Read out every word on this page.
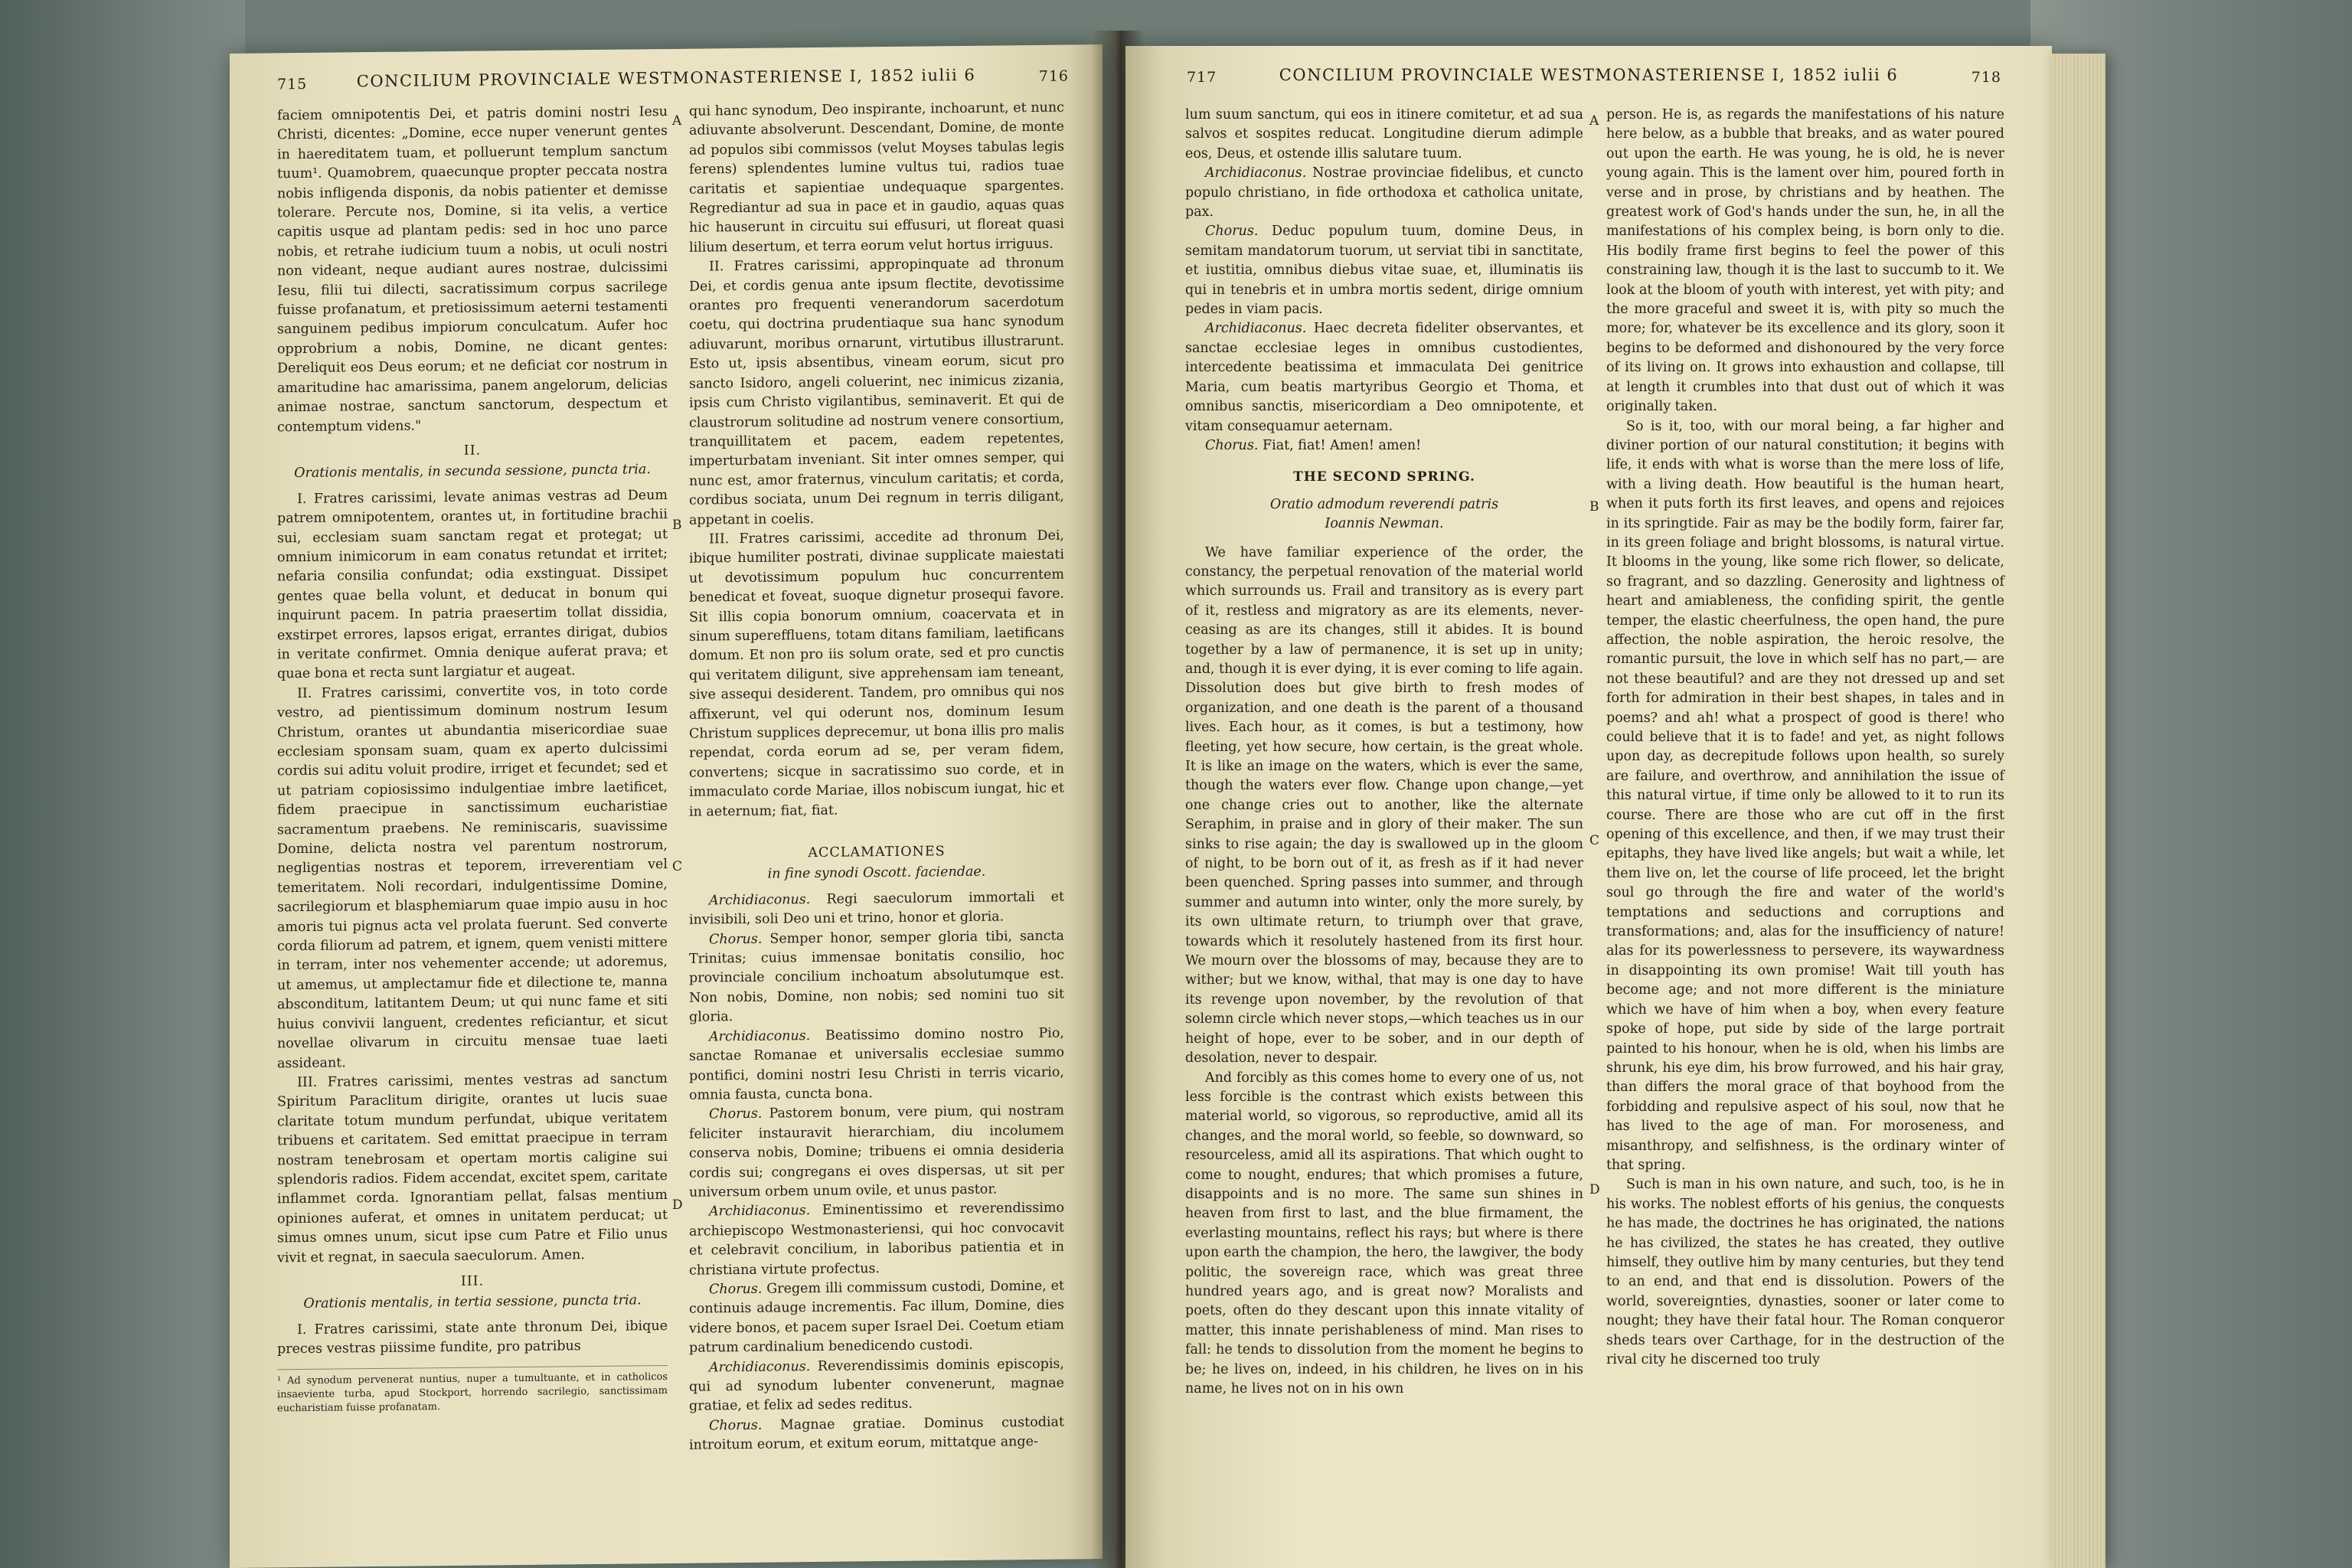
715	CONCILIUM PROVINCIALE WESTMONASTERIENSE I, 1852 iulii 6	716

faciem omnipotentis Dei, et patris domini nostri Iesu Christi, dicentes: „Domine, ecce nuper venerunt gentes in haereditatem tuam, et polluerunt templum sanctum tuum¹. Quamobrem, quaecunque propter peccata nostra nobis infligenda disponis, da nobis patienter et demisse tolerare. Percute nos, Domine, si ita velis, a vertice capitis usque ad plantam pedis: sed in hoc uno parce nobis, et retrahe iudicium tuum a nobis, ut oculi nostri non videant, neque audiant aures nostrae, dulcissimi Iesu, filii tui dilecti, sacratissimum corpus sacrilege fuisse profanatum, et pretiosissimum aeterni testamenti sanguinem pedibus impiorum conculcatum. Aufer hoc opprobrium a nobis, Domine, ne dicant gentes: Dereliquit eos Deus eorum; et ne deficiat cor nostrum in amaritudine hac amarissima, panem angelorum, delicias animae nostrae, sanctum sanctorum, despectum et contemptum videns."

II.

Orationis mentalis, in secunda sessione, puncta tria.

I. Fratres carissimi, levate animas vestras ad Deum patrem omnipotentem, orantes ut, in fortitudine brachii sui, ecclesiam suam sanctam regat et protegat; ut omnium inimicorum in eam conatus retundat et irritet; nefaria consilia confundat; odia exstinguat. Dissipet gentes quae bella volunt, et deducat in bonum qui inquirunt pacem. In patria praesertim tollat dissidia, exstirpet errores, lapsos erigat, errantes dirigat, dubios in veritate confirmet. Omnia denique auferat prava; et quae bona et recta sunt largiatur et augeat.

II. Fratres carissimi, convertite vos, in toto corde vestro, ad pientissimum dominum nostrum Iesum Christum, orantes ut abundantia misericordiae suae ecclesiam sponsam suam, quam ex aperto dulcissimi cordis sui aditu voluit prodire, irriget et fecundet; sed et ut patriam copiosissimo indulgentiae imbre laetificet, fidem praecipue in sanctissimum eucharistiae sacramentum praebens. Ne reminiscaris, suavissime Domine, delicta nostra vel parentum nostrorum, negligentias nostras et teporem, irreverentiam vel temeritatem. Noli recordari, indulgentissime Domine, sacrilegiorum et blasphemiarum quae impio ausu in hoc amoris tui pignus acta vel prolata fuerunt. Sed converte corda filiorum ad patrem, et ignem, quem venisti mittere in terram, inter nos vehementer accende; ut adoremus, ut amemus, ut amplectamur fide et dilectione te, manna absconditum, latitantem Deum; ut qui nunc fame et siti huius convivii languent, credentes reficiantur, et sicut novellae olivarum in circuitu mensae tuae laeti assideant.

III. Fratres carissimi, mentes vestras ad sanctum Spiritum Paraclitum dirigite, orantes ut lucis suae claritate totum mundum perfundat, ubique veritatem tribuens et caritatem. Sed emittat praecipue in terram nostram tenebrosam et opertam mortis caligine sui splendoris radios. Fidem accendat, excitet spem, caritate inflammet corda. Ignorantiam pellat, falsas mentium opiniones auferat, et omnes in unitatem perducat; ut simus omnes unum, sicut ipse cum Patre et Filio unus vivit et regnat, in saecula saeculorum. Amen.

III.

Orationis mentalis, in tertia sessione, puncta tria.

I. Fratres carissimi, state ante thronum Dei, ibique preces vestras piissime fundite, pro patribus

¹ Ad synodum pervenerat nuntius, nuper a tumultuante, et in catholicos insaeviente turba, apud Stockport, horrendo sacrilegio, sanctissimam eucharistiam fuisse profanatam.

A
B
C
D

qui hanc synodum, Deo inspirante, inchoarunt, et nunc adiuvante absolverunt. Descendant, Domine, de monte ad populos sibi commissos (velut Moyses tabulas legis ferens) splendentes lumine vultus tui, radios tuae caritatis et sapientiae undequaque spargentes. Regrediantur ad sua in pace et in gaudio, aquas quas hic hauserunt in circuitu sui effusuri, ut floreat quasi lilium desertum, et terra eorum velut hortus irriguus.

II. Fratres carissimi, appropinquate ad thronum Dei, et cordis genua ante ipsum flectite, devotissime orantes pro frequenti venerandorum sacerdotum coetu, qui doctrina prudentiaque sua hanc synodum adiuvarunt, moribus ornarunt, virtutibus illustrarunt. Esto ut, ipsis absentibus, vineam eorum, sicut pro sancto Isidoro, angeli coluerint, nec inimicus zizania, ipsis cum Christo vigilantibus, seminaverit. Et qui de claustrorum solitudine ad nostrum venere consortium, tranquillitatem et pacem, eadem repetentes, imperturbatam inveniant. Sit inter omnes semper, qui nunc est, amor fraternus, vinculum caritatis; et corda, cordibus sociata, unum Dei regnum in terris diligant, appetant in coelis.

III. Fratres carissimi, accedite ad thronum Dei, ibique humiliter postrati, divinae supplicate maiestati ut devotissimum populum huc concurrentem benedicat et foveat, suoque dignetur prosequi favore. Sit illis copia bonorum omnium, coacervata et in sinum supereffluens, totam ditans familiam, laetificans domum. Et non pro iis solum orate, sed et pro cunctis qui veritatem diligunt, sive apprehensam iam teneant, sive assequi desiderent. Tandem, pro omnibus qui nos affixerunt, vel qui oderunt nos, dominum Iesum Christum supplices deprecemur, ut bona illis pro malis rependat, corda eorum ad se, per veram fidem, convertens; sicque in sacratissimo suo corde, et in immaculato corde Mariae, illos nobiscum iungat, hic et in aeternum; fiat, fiat.

ACCLAMATIONES

in fine synodi Oscott. faciendae.

Archidiaconus. Regi saeculorum immortali et invisibili, soli Deo uni et trino, honor et gloria.

Chorus. Semper honor, semper gloria tibi, sancta Trinitas; cuius immensae bonitatis consilio, hoc provinciale concilium inchoatum absolutumque est. Non nobis, Domine, non nobis; sed nomini tuo sit gloria.

Archidiaconus. Beatissimo domino nostro Pio, sanctae Romanae et universalis ecclesiae summo pontifici, domini nostri Iesu Christi in terris vicario, omnia fausta, cuncta bona.

Chorus. Pastorem bonum, vere pium, qui nostram feliciter instauravit hierarchiam, diu incolumem conserva nobis, Domine; tribuens ei omnia desideria cordis sui; congregans ei oves dispersas, ut sit per universum orbem unum ovile, et unus pastor.

Archidiaconus. Eminentissimo et reverendissimo archiepiscopo Westmonasteriensi, qui hoc convocavit et celebravit concilium, in laboribus patientia et in christiana virtute profectus.

Chorus. Gregem illi commissum custodi, Domine, et continuis adauge incrementis. Fac illum, Domine, dies videre bonos, et pacem super Israel Dei. Coetum etiam patrum cardinalium benedicendo custodi.

Archidiaconus. Reverendissimis dominis episcopis, qui ad synodum lubenter convenerunt, magnae gratiae, et felix ad sedes reditus.

Chorus. Magnae gratiae. Dominus custodiat introitum eorum, et exitum eorum, mittatque ange-

717	CONCILIUM PROVINCIALE WESTMONASTERIENSE I, 1852 iulii 6	718

lum suum sanctum, qui eos in itinere comitetur, et ad sua salvos et sospites reducat. Longitudine dierum adimple eos, Deus, et ostende illis salutare tuum.

Archidiaconus. Nostrae provinciae fidelibus, et cuncto populo christiano, in fide orthodoxa et catholica unitate, pax.

Chorus. Deduc populum tuum, domine Deus, in semitam mandatorum tuorum, ut serviat tibi in sanctitate, et iustitia, omnibus diebus vitae suae, et, illuminatis iis qui in tenebris et in umbra mortis sedent, dirige omnium pedes in viam pacis.

Archidiaconus. Haec decreta fideliter observantes, et sanctae ecclesiae leges in omnibus custodientes, intercedente beatissima et immaculata Dei genitrice Maria, cum beatis martyribus Georgio et Thoma, et omnibus sanctis, misericordiam a Deo omnipotente, et vitam consequamur aeternam.

Chorus. Fiat, fiat! Amen! amen!

THE SECOND SPRING.

Oratio admodum reverendi patris

Ioannis Newman.

We have familiar experience of the order, the constancy, the perpetual renovation of the material world which surrounds us. Frail and transitory as is every part of it, restless and migratory as are its elements, never-ceasing as are its changes, still it abides. It is bound together by a law of permanence, it is set up in unity; and, though it is ever dying, it is ever coming to life again. Dissolution does but give birth to fresh modes of organization, and one death is the parent of a thousand lives. Each hour, as it comes, is but a testimony, how fleeting, yet how secure, how certain, is the great whole. It is like an image on the waters, which is ever the same, though the waters ever flow. Change upon change,—yet one change cries out to another, like the alternate Seraphim, in praise and in glory of their maker. The sun sinks to rise again; the day is swallowed up in the gloom of night, to be born out of it, as fresh as if it had never been quenched. Spring passes into summer, and through summer and autumn into winter, only the more surely, by its own ultimate return, to triumph over that grave, towards which it resolutely hastened from its first hour. We mourn over the blossoms of may, because they are to wither; but we know, withal, that may is one day to have its revenge upon november, by the revolution of that solemn circle which never stops,—which teaches us in our height of hope, ever to be sober, and in our depth of desolation, never to despair.

And forcibly as this comes home to every one of us, not less forcible is the contrast which exists between this material world, so vigorous, so reproductive, amid all its changes, and the moral world, so feeble, so downward, so resourceless, amid all its aspirations. That which ought to come to nought, endures; that which promises a future, disappoints and is no more. The same sun shines in heaven from first to last, and the blue firmament, the everlasting mountains, reflect his rays; but where is there upon earth the champion, the hero, the lawgiver, the body politic, the sovereign race, which was great three hundred years ago, and is great now? Moralists and poets, often do they descant upon this innate vitality of matter, this innate perishableness of mind. Man rises to fall: he tends to dissolution from the moment he begins to be; he lives on, indeed, in his children, he lives on in his name, he lives not on in his own

A
B
C
D

person. He is, as regards the manifestations of his nature here below, as a bubble that breaks, and as water poured out upon the earth. He was young, he is old, he is never young again. This is the lament over him, poured forth in verse and in prose, by christians and by heathen. The greatest work of God's hands under the sun, he, in all the manifestations of his complex being, is born only to die. His bodily frame first begins to feel the power of this constraining law, though it is the last to succumb to it. We look at the bloom of youth with interest, yet with pity; and the more graceful and sweet it is, with pity so much the more; for, whatever be its excellence and its glory, soon it begins to be deformed and dishonoured by the very force of its living on. It grows into exhaustion and collapse, till at length it crumbles into that dust out of which it was originally taken.

So is it, too, with our moral being, a far higher and diviner portion of our natural constitution; it begins with life, it ends with what is worse than the mere loss of life, with a living death. How beautiful is the human heart, when it puts forth its first leaves, and opens and rejoices in its springtide. Fair as may be the bodily form, fairer far, in its green foliage and bright blossoms, is natural virtue. It blooms in the young, like some rich flower, so delicate, so fragrant, and so dazzling. Generosity and lightness of heart and amiableness, the confiding spirit, the gentle temper, the elastic cheerfulness, the open hand, the pure affection, the noble aspiration, the heroic resolve, the romantic pursuit, the love in which self has no part,— are not these beautiful? and are they not dressed up and set forth for admiration in their best shapes, in tales and in poems? and ah! what a prospect of good is there! who could believe that it is to fade! and yet, as night follows upon day, as decrepitude follows upon health, so surely are failure, and overthrow, and annihilation the issue of this natural virtue, if time only be allowed to it to run its course. There are those who are cut off in the first opening of this excellence, and then, if we may trust their epitaphs, they have lived like angels; but wait a while, let them live on, let the course of life proceed, let the bright soul go through the fire and water of the world's temptations and seductions and corruptions and transformations; and, alas for the insufficiency of nature! alas for its powerlessness to persevere, its waywardness in disappointing its own promise! Wait till youth has become age; and not more different is the miniature which we have of him when a boy, when every feature spoke of hope, put side by side of the large portrait painted to his honour, when he is old, when his limbs are shrunk, his eye dim, his brow furrowed, and his hair gray, than differs the moral grace of that boyhood from the forbidding and repulsive aspect of his soul, now that he has lived to the age of man. For moroseness, and misanthropy, and selfishness, is the ordinary winter of that spring.

Such is man in his own nature, and such, too, is he in his works. The noblest efforts of his genius, the conquests he has made, the doctrines he has originated, the nations he has civilized, the states he has created, they outlive himself, they outlive him by many centuries, but they tend to an end, and that end is dissolution. Powers of the world, sovereignties, dynasties, sooner or later come to nought; they have their fatal hour. The Roman conqueror sheds tears over Carthage, for in the destruction of the rival city he discerned too truly
